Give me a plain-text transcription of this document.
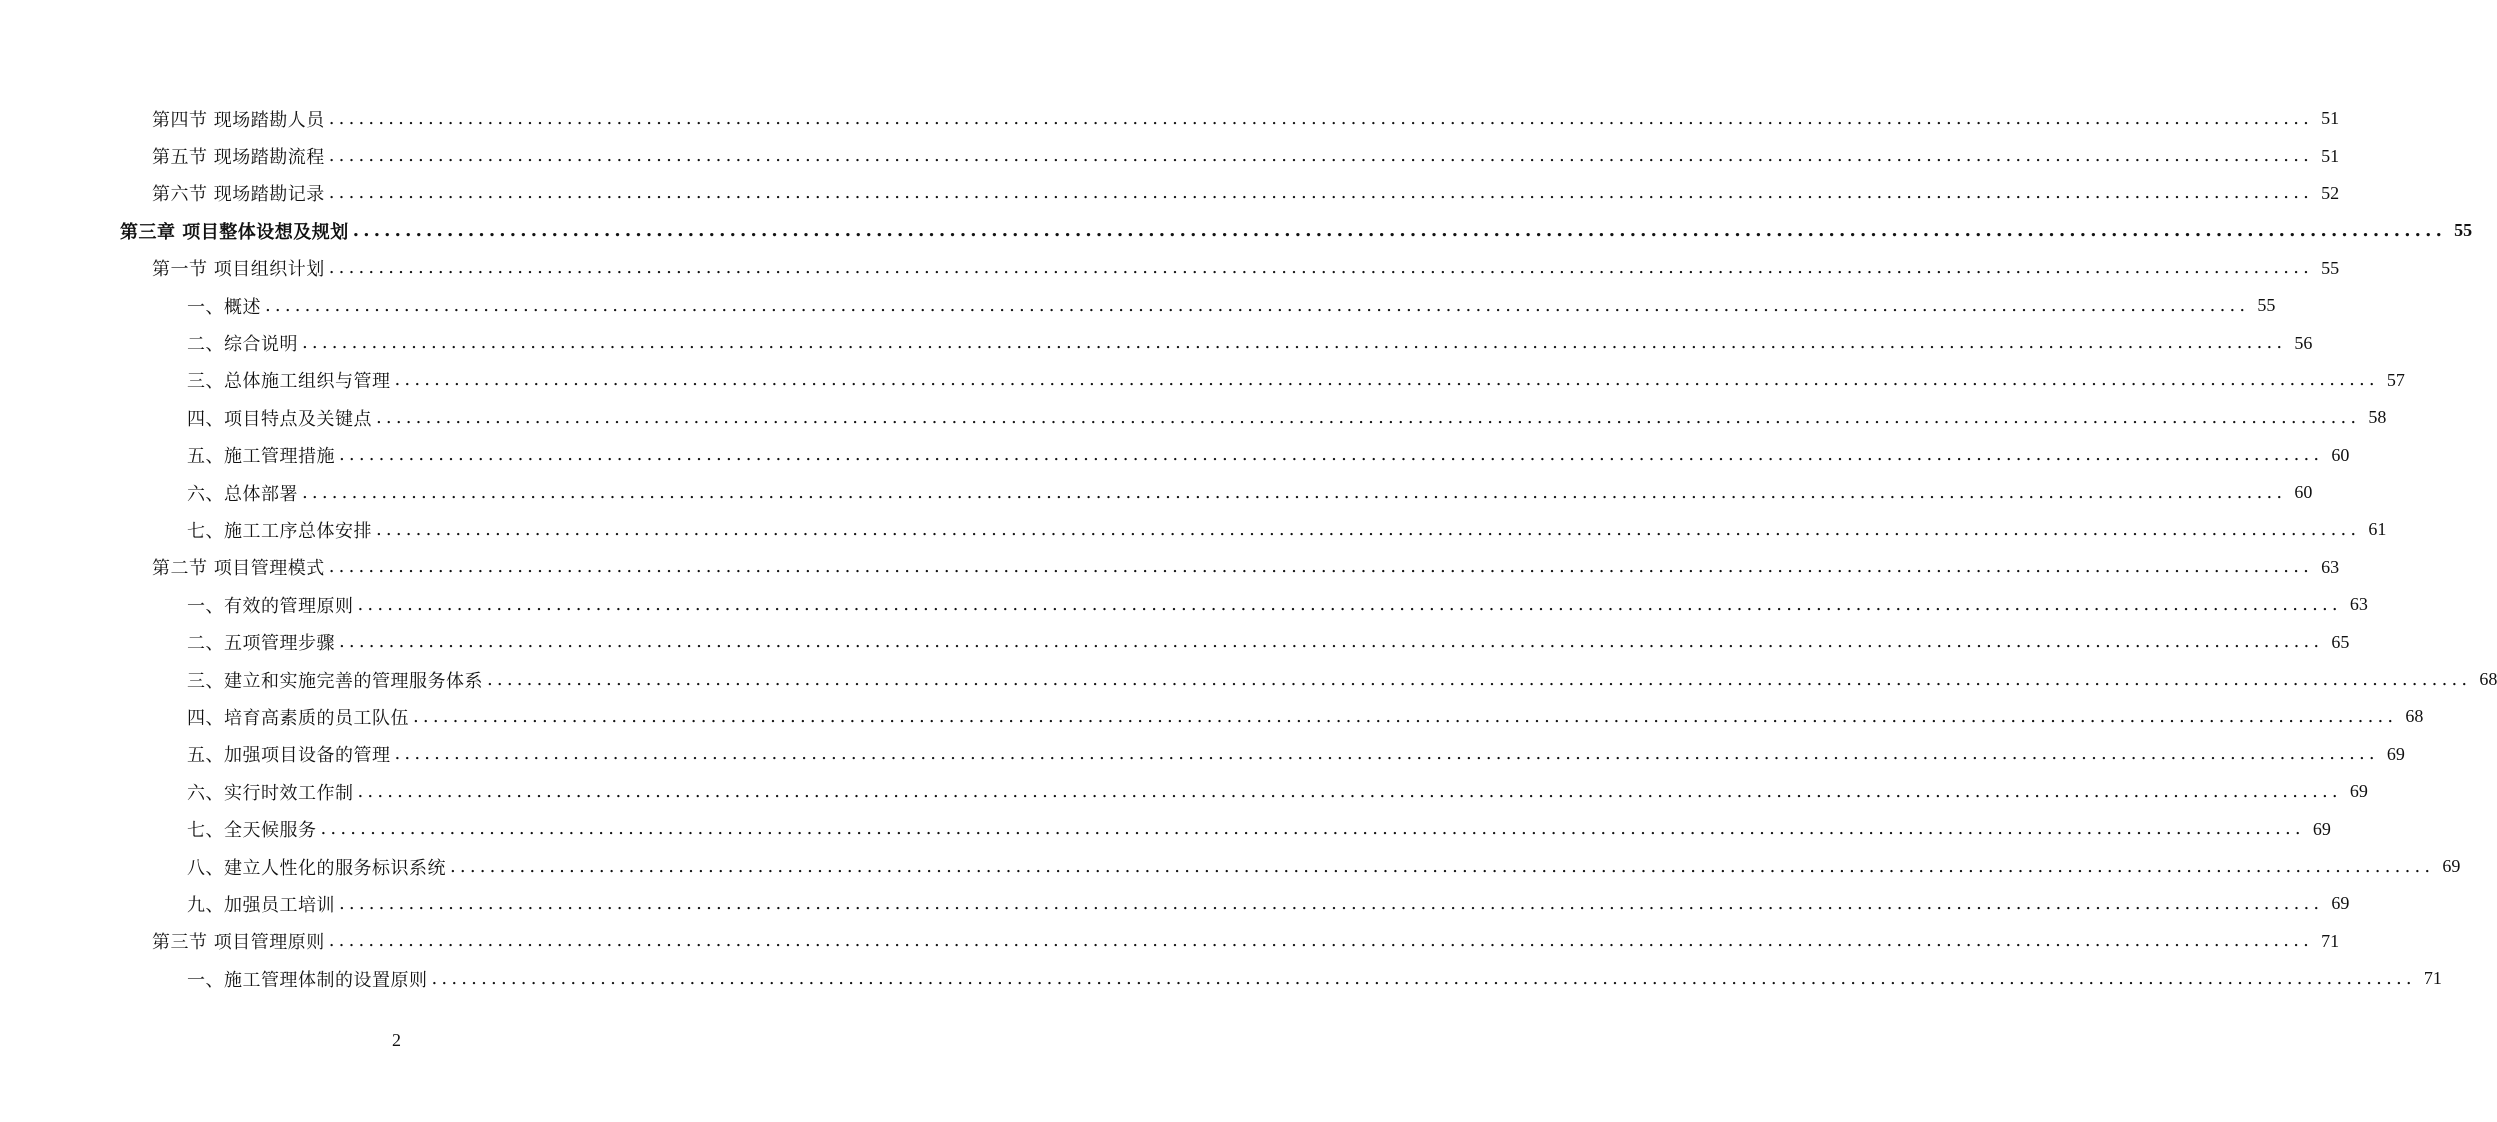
第四节 现场踏勘人员 ........................................................................................................................................................................................................ 51
第五节 现场踏勘流程 ........................................................................................................................................................................................................ 51
第六节 现场踏勘记录 ........................................................................................................................................................................................................ 52
第三章 项目整体设想及规划 ........................................................................................................................................................................................................ 55
第一节 项目组织计划 ........................................................................................................................................................................................................ 55
一、概述 ........................................................................................................................................................................................................ 55
二、综合说明 ........................................................................................................................................................................................................ 56
三、总体施工组织与管理 ........................................................................................................................................................................................................ 57
四、项目特点及关键点 ........................................................................................................................................................................................................ 58
五、施工管理措施 ........................................................................................................................................................................................................ 60
六、总体部署 ........................................................................................................................................................................................................ 60
七、施工工序总体安排 ........................................................................................................................................................................................................ 61
第二节 项目管理模式 ........................................................................................................................................................................................................ 63
一、有效的管理原则 ........................................................................................................................................................................................................ 63
二、五项管理步骤 ........................................................................................................................................................................................................ 65
三、建立和实施完善的管理服务体系 ........................................................................................................................................................................................................ 68
四、培育高素质的员工队伍 ........................................................................................................................................................................................................ 68
五、加强项目设备的管理 ........................................................................................................................................................................................................ 69
六、实行时效工作制 ........................................................................................................................................................................................................ 69
七、全天候服务 ........................................................................................................................................................................................................ 69
八、建立人性化的服务标识系统 ........................................................................................................................................................................................................ 69
九、加强员工培训 ........................................................................................................................................................................................................ 69
第三节 项目管理原则 ........................................................................................................................................................................................................ 71
一、施工管理体制的设置原则 ........................................................................................................................................................................................................ 71
2
